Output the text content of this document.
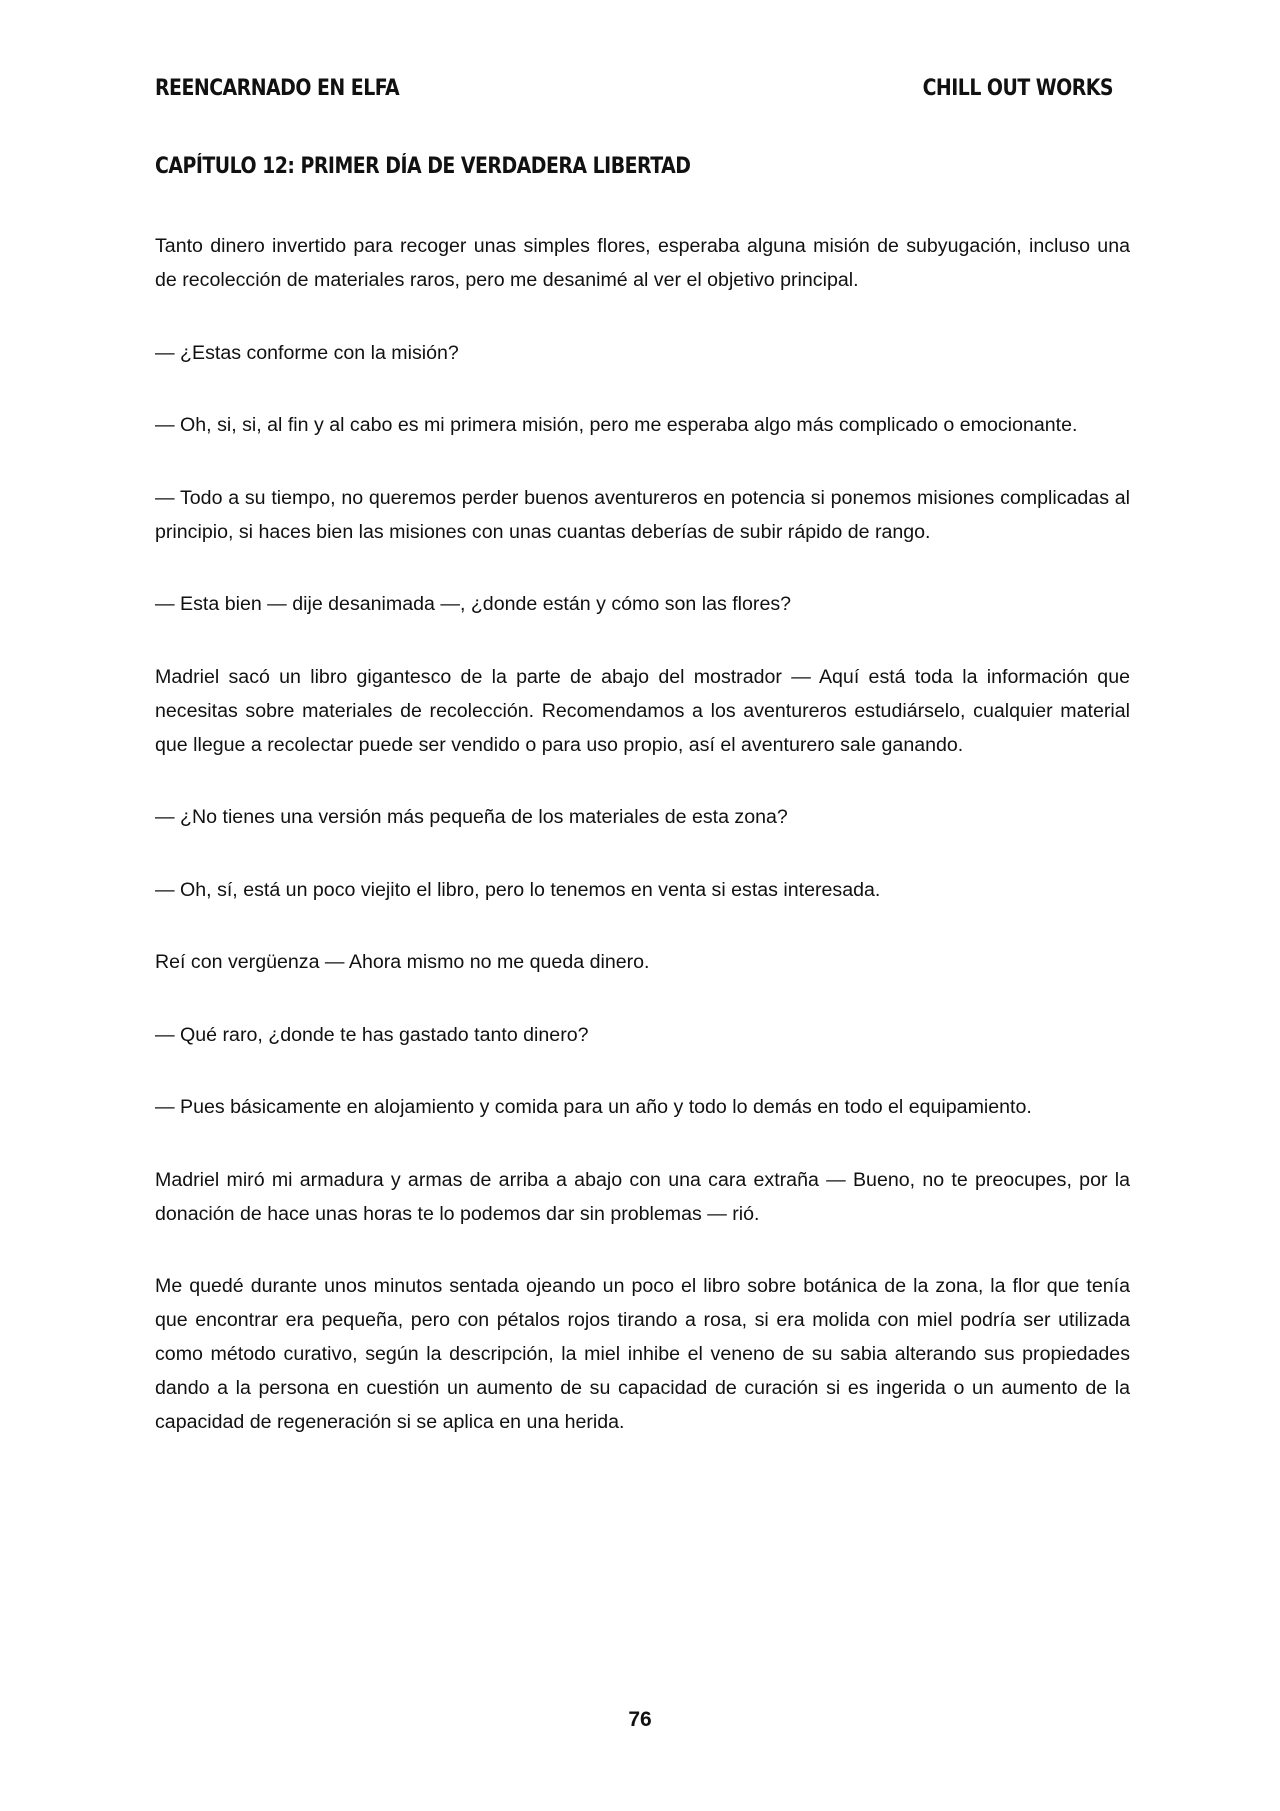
REENCARNADO EN ELFA	CHILL OUT WORKS
CAPÍTULO 12: PRIMER DÍA DE VERDADERA LIBERTAD

Tanto dinero invertido para recoger unas simples flores, esperaba alguna misión de subyugación, incluso una de recolección de materiales raros, pero me desanimé al ver el objetivo principal.

— ¿Estas conforme con la misión?

— Oh, si, si, al fin y al cabo es mi primera misión, pero me esperaba algo más complicado o emocionante.

— Todo a su tiempo, no queremos perder buenos aventureros en potencia si ponemos misiones complicadas al principio, si haces bien las misiones con unas cuantas deberías de subir rápido de rango.

— Esta bien — dije desanimada —, ¿donde están y cómo son las flores?

Madriel sacó un libro gigantesco de la parte de abajo del mostrador — Aquí está toda la información que necesitas sobre materiales de recolección. Recomendamos a los aventureros estudiárselo, cualquier material que llegue a recolectar puede ser vendido o para uso propio, así el aventurero sale ganando.

— ¿No tienes una versión más pequeña de los materiales de esta zona?

— Oh, sí, está un poco viejito el libro, pero lo tenemos en venta si estas interesada.

Reí con vergüenza — Ahora mismo no me queda dinero.

— Qué raro, ¿donde te has gastado tanto dinero?

— Pues básicamente en alojamiento y comida para un año y todo lo demás en todo el equipamiento.

Madriel miró mi armadura y armas de arriba a abajo con una cara extraña — Bueno, no te preocupes, por la donación de hace unas horas te lo podemos dar sin problemas — rió.

Me quedé durante unos minutos sentada ojeando un poco el libro sobre botánica de la zona, la flor que tenía que encontrar era pequeña, pero con pétalos rojos tirando a rosa, si era molida con miel podría ser utilizada como método curativo, según la descripción, la miel inhibe el veneno de su sabia alterando sus propiedades dando a la persona en cuestión un aumento de su capacidad de curación si es ingerida o un aumento de la capacidad de regeneración si se aplica en una herida.

76
